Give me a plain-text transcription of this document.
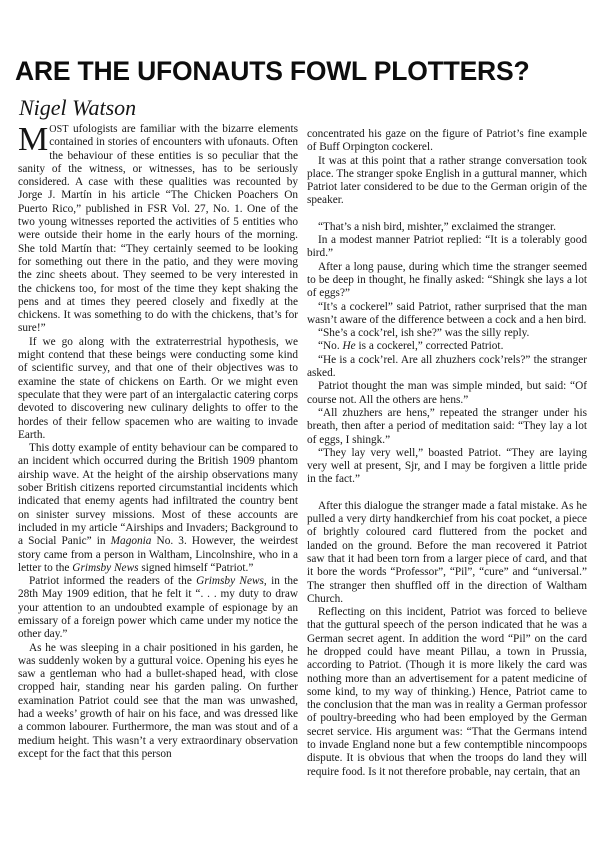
ARE THE UFONAUTS FOWL PLOTTERS?
Nigel Watson

MOST ufologists are familiar with the bizarre elements contained in stories of encounters with ufonauts. Often the behaviour of these entities is so peculiar that the sanity of the witness, or witnesses, has to be seriously considered. A case with these qualities was recounted by Jorge J. Martín in his article “The Chicken Poachers On Puerto Rico,” published in FSR Vol. 27, No. 1. One of the two young witnesses reported the activities of 5 entities who were outside their home in the early hours of the morning. She told Martín that: “They certainly seemed to be looking for something out there in the patio, and they were moving the zinc sheets about. They seemed to be very interested in the chickens too, for most of the time they kept shaking the pens and at times they peered closely and fixedly at the chickens. It was something to do with the chickens, that’s for sure!”

If we go along with the extraterrestrial hypothesis, we might contend that these beings were conducting some kind of scientific survey, and that one of their objectives was to examine the state of chickens on Earth. Or we might even speculate that they were part of an intergalactic catering corps devoted to discovering new culinary delights to offer to the hordes of their fellow spacemen who are waiting to invade Earth.

This dotty example of entity behaviour can be compared to an incident which occurred during the British 1909 phantom airship wave. At the height of the airship observations many sober British citizens reported circumstantial incidents which indicated that enemy agents had infiltrated the country bent on sinister survey missions. Most of these accounts are included in my article “Airships and Invaders; Background to a Social Panic” in Magonia No. 3. However, the weirdest story came from a person in Waltham, Lincolnshire, who in a letter to the Grimsby News signed himself “Patriot.”

Patriot informed the readers of the Grimsby News, in the 28th May 1909 edition, that he felt it “. . . my duty to draw your attention to an undoubted example of espionage by an emissary of a foreign power which came under my notice the other day.”

As he was sleeping in a chair positioned in his garden, he was suddenly woken by a guttural voice. Opening his eyes he saw a gentleman who had a bullet-shaped head, with close cropped hair, standing near his garden paling. On further examination Patriot could see that the man was unwashed, had a weeks’ growth of hair on his face, and was dressed like a common labourer. Furthermore, the man was stout and of a medium height. This wasn’t a very extraordinary observation except for the fact that this person

concentrated his gaze on the figure of Patriot’s fine example of Buff Orpington cockerel.

It was at this point that a rather strange conversation took place. The stranger spoke English in a guttural manner, which Patriot later considered to be due to the German origin of the speaker.

“That’s a nish bird, mishter,” exclaimed the stranger.

In a modest manner Patriot replied: “It is a tolerably good bird.”

After a long pause, during which time the stranger seemed to be deep in thought, he finally asked: “Shingk she lays a lot of eggs?”

“It’s a cockerel” said Patriot, rather surprised that the man wasn’t aware of the difference between a cock and a hen bird.

“She’s a cock’rel, ish she?” was the silly reply.

“No. He is a cockerel,” corrected Patriot.

“He is a cock’rel. Are all zhuzhers cock’rels?” the stranger asked.

Patriot thought the man was simple minded, but said: “Of course not. All the others are hens.”

“All zhuzhers are hens,” repeated the stranger under his breath, then after a period of meditation said: “They lay a lot of eggs, I shingk.”

“They lay very well,” boasted Patriot. “They are laying very well at present, Sjr, and I may be forgiven a little pride in the fact.”

After this dialogue the stranger made a fatal mistake. As he pulled a very dirty handkerchief from his coat pocket, a piece of brightly coloured card fluttered from the pocket and landed on the ground. Before the man recovered it Patriot saw that it had been torn from a larger piece of card, and that it bore the words “Professor”, “Pil”, “cure” and “universal.” The stranger then shuffled off in the direction of Waltham Church.

Reflecting on this incident, Patriot was forced to believe that the guttural speech of the person indicated that he was a German secret agent. In addition the word “Pil” on the card he dropped could have meant Pillau, a town in Prussia, according to Patriot. (Though it is more likely the card was nothing more than an advertisement for a patent medicine of some kind, to my way of thinking.) Hence, Patriot came to the conclusion that the man was in reality a German professor of poultry-breeding who had been employed by the German secret service. His argument was: “That the Germans intend to invade England none but a few contemptible nincompoops dispute. It is obvious that when the troops do land they will require food. Is it not therefore probable, nay certain, that an
